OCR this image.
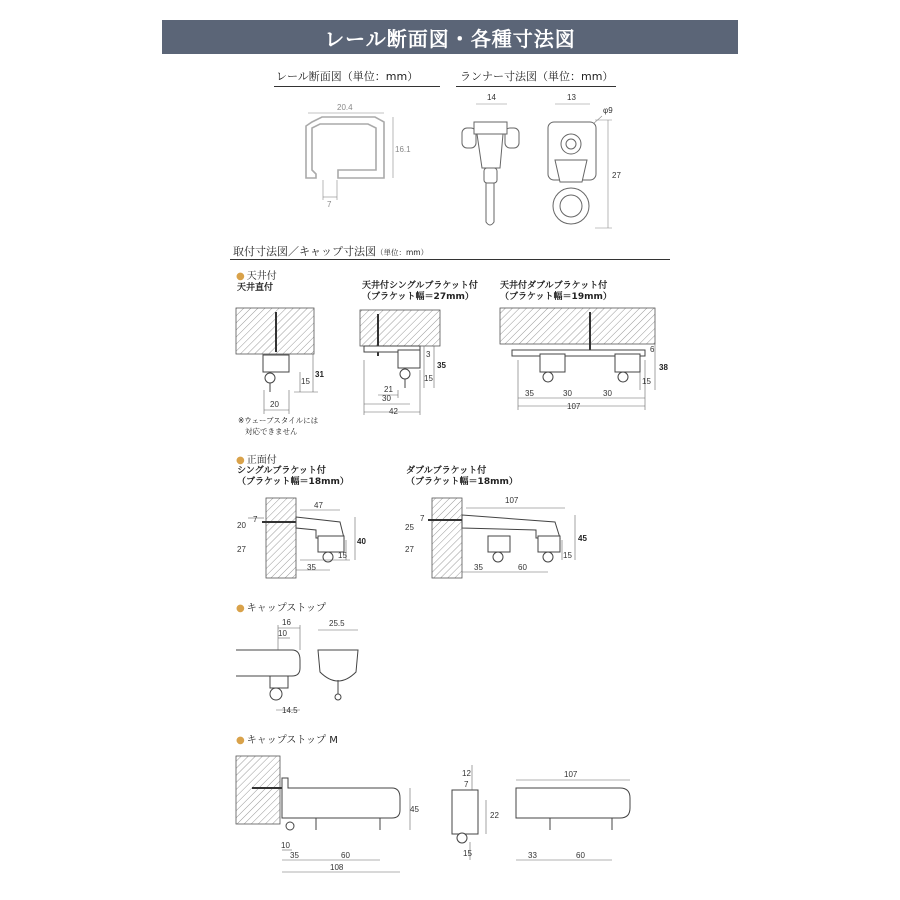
レール断面図・各種寸法図
レール断面図（単位：mm）	ランナー寸法図（単位：mm）
取付寸法図／キャップ寸法図（単位：mm）
● 天井付
天井直付	天井付シングルブラケット付
（ブラケット幅＝27mm）
天井付ダブルブラケット付
（ブラケット幅＝19mm）
※ウェーブスタイルには
対応できません
● 正面付
シングルブラケット付
（ブラケット幅＝18mm）
ダブルブラケット付
（ブラケット幅＝18mm）
● キャップストップ
● キャップストップ M
20.4
16.1
7
14	13
φ9
27
20
15
31
3
35
15
21
30
42
6
38
15
35	30	30
107
7
20
47
27
40
15
35
7
25
107
27
45
15
35	60
16
10
14.5
25.5
45
10
35	60
108
12
7
22
15
107
33	60
